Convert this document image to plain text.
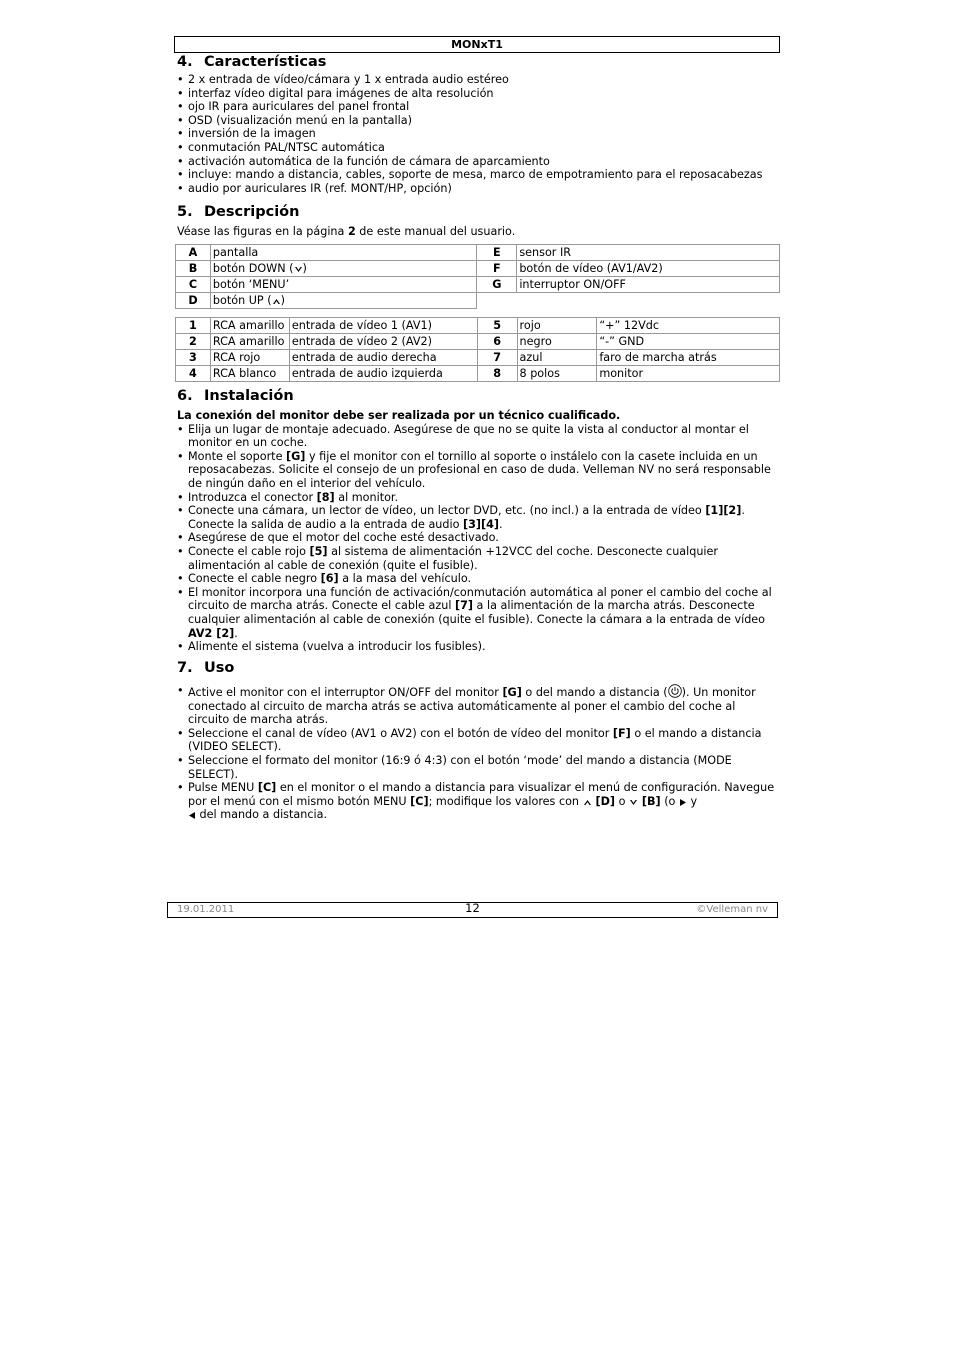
MONxT1
4. Características
• 2 x entrada de vídeo/cámara y 1 x entrada audio estéreo
• interfaz vídeo digital para imágenes de alta resolución
• ojo IR para auriculares del panel frontal
• OSD (visualización menú en la pantalla)
• inversión de la imagen
• conmutación PAL/NTSC automática
• activación automática de la función de cámara de aparcamiento
• incluye: mando a distancia, cables, soporte de mesa, marco de empotramiento para el reposacabezas
• audio por auriculares IR (ref. MONT/HP, opción)
5. Descripción

Véase las figuras en la página 2 de este manual del usuario.

A	pantalla	E	sensor IR
B	botón DOWN ( )	F	botón de vídeo (AV1/AV2)
C	botón ‘MENU’	G	interruptor ON/OFF
D	botón UP ( )		
1	RCA amarillo	entrada de vídeo 1 (AV1)	5	rojo	“+” 12Vdc
2	RCA amarillo	entrada de vídeo 2 (AV2)	6	negro	“-” GND
3	RCA rojo	entrada de audio derecha	7	azul	faro de marcha atrás
4	RCA blanco	entrada de audio izquierda	8	8 polos	monitor
6. Instalación

La conexión del monitor debe ser realizada por un técnico cualificado.

• Elija un lugar de montaje adecuado. Asegúrese de que no se quite la vista al conductor al montar el monitor en un coche.
• Monte el soporte [G] y fije el monitor con el tornillo al soporte o instálelo con la casete incluida en un reposacabezas. Solicite el consejo de un profesional en caso de duda. Velleman NV no será responsable de ningún daño en el interior del vehículo.
• Introduzca el conector [8] al monitor.
• Conecte una cámara, un lector de vídeo, un lector DVD, etc. (no incl.) a la entrada de vídeo [1][2]. Conecte la salida de audio a la entrada de audio [3][4].
• Asegúrese de que el motor del coche esté desactivado.
• Conecte el cable rojo [5] al sistema de alimentación +12VCC del coche. Desconecte cualquier alimentación al cable de conexión (quite el fusible).
• Conecte el cable negro [6] a la masa del vehículo.
• El monitor incorpora una función de activación/conmutación automática al poner el cambio del coche al circuito de marcha atrás. Conecte el cable azul [7] a la alimentación de la marcha atrás. Desconecte cualquier alimentación al cable de conexión (quite el fusible). Conecte la cámara a la entrada de vídeo AV2 [2].
• Alimente el sistema (vuelva a introducir los fusibles).
7. Uso
• Active el monitor con el interruptor ON/OFF del monitor [G] o del mando a distancia ( ). Un monitor conectado al circuito de marcha atrás se activa automáticamente al poner el cambio del coche al circuito de marcha atrás.
• Seleccione el canal de vídeo (AV1 o AV2) con el botón de vídeo del monitor [F] o el mando a distancia (VIDEO SELECT).
• Seleccione el formato del monitor (16:9 ó 4:3) con el botón ‘mode’ del mando a distancia (MODE SELECT).
• Pulse MENU [C] en el monitor o el mando a distancia para visualizar el menú de configuración. Navegue por el menú con el mismo botón MENU [C]; modifique los valores con  [D] o  [B] (o  y
del mando a distancia.
19.01.2011	12	©Velleman nv
